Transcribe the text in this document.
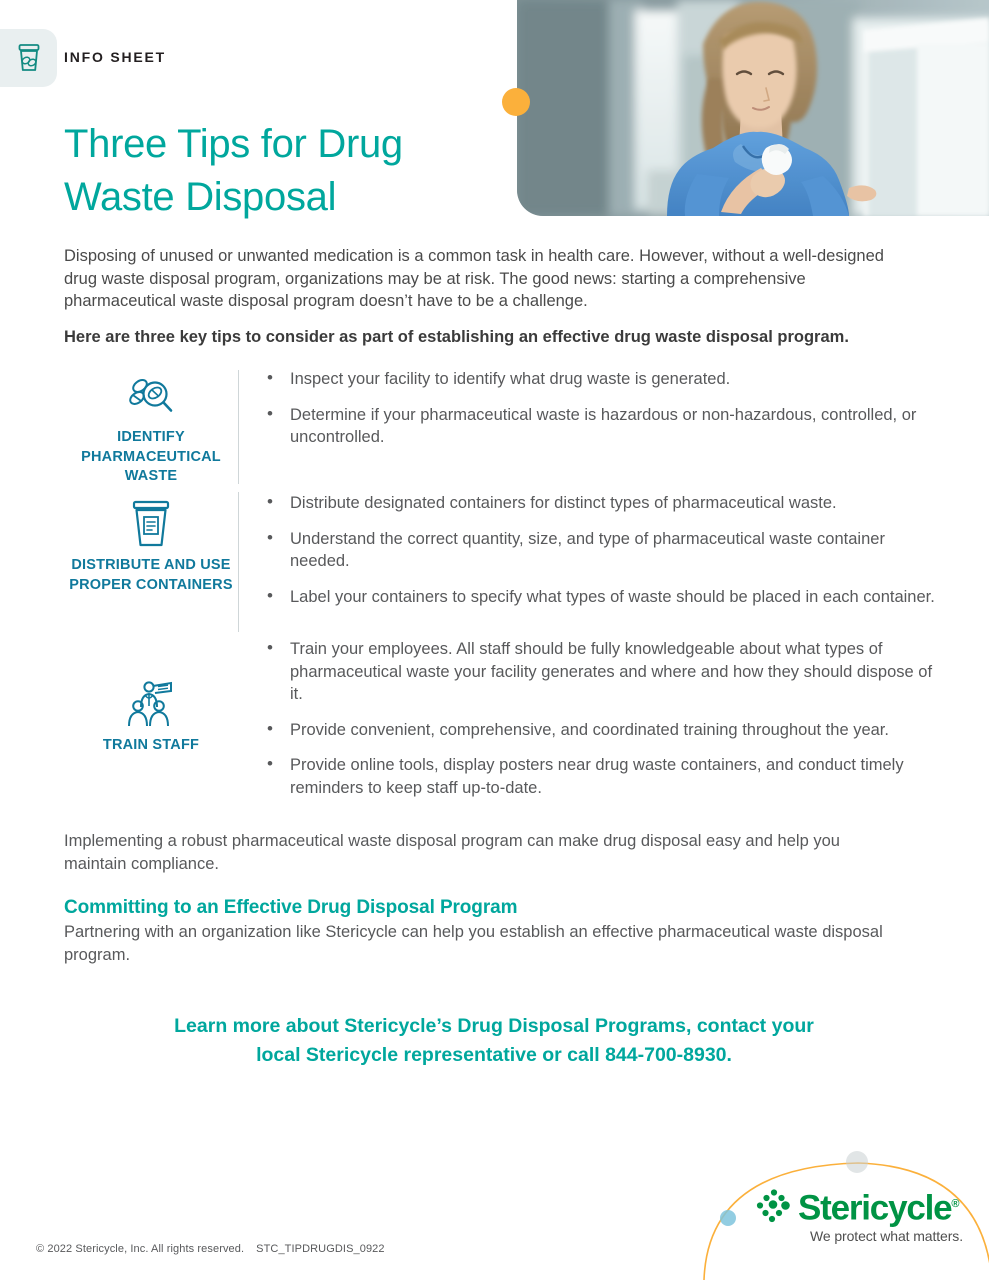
INFO SHEET
Three Tips for Drug Waste Disposal

Disposing of unused or unwanted medication is a common task in health care. However, without a well-designed drug waste disposal program, organizations may be at risk. The good news: starting a comprehensive pharmaceutical waste disposal program doesn’t have to be a challenge.

Here are three key tips to consider as part of establishing an effective drug waste disposal program.

IDENTIFY PHARMACEUTICAL WASTE
• Inspect your facility to identify what drug waste is generated.
• Determine if your pharmaceutical waste is hazardous or non-hazardous, controlled, or uncontrolled.
DISTRIBUTE AND USE PROPER CONTAINERS
• Distribute designated containers for distinct types of pharmaceutical waste.
• Understand the correct quantity, size, and type of pharmaceutical waste container needed.
• Label your containers to specify what types of waste should be placed in each container.
TRAIN STAFF
• Train your employees. All staff should be fully knowledgeable about what types of pharmaceutical waste your facility generates and where and how they should dispose of it.
• Provide convenient, comprehensive, and coordinated training throughout the year.
• Provide online tools, display posters near drug waste containers, and conduct timely reminders to keep staff up-to-date.

Implementing a robust pharmaceutical waste disposal program can make drug disposal easy and help you maintain compliance.

Committing to an Effective Drug Disposal Program

Partnering with an organization like Stericycle can help you establish an effective pharmaceutical waste disposal program.

Learn more about Stericycle’s Drug Disposal Programs, contact your
local Stericycle representative or call 844-700-8930.
Stericycle®
We protect what matters.
© 2022 Stericycle, Inc. All rights reserved. STC_TIPDRUGDIS_0922
